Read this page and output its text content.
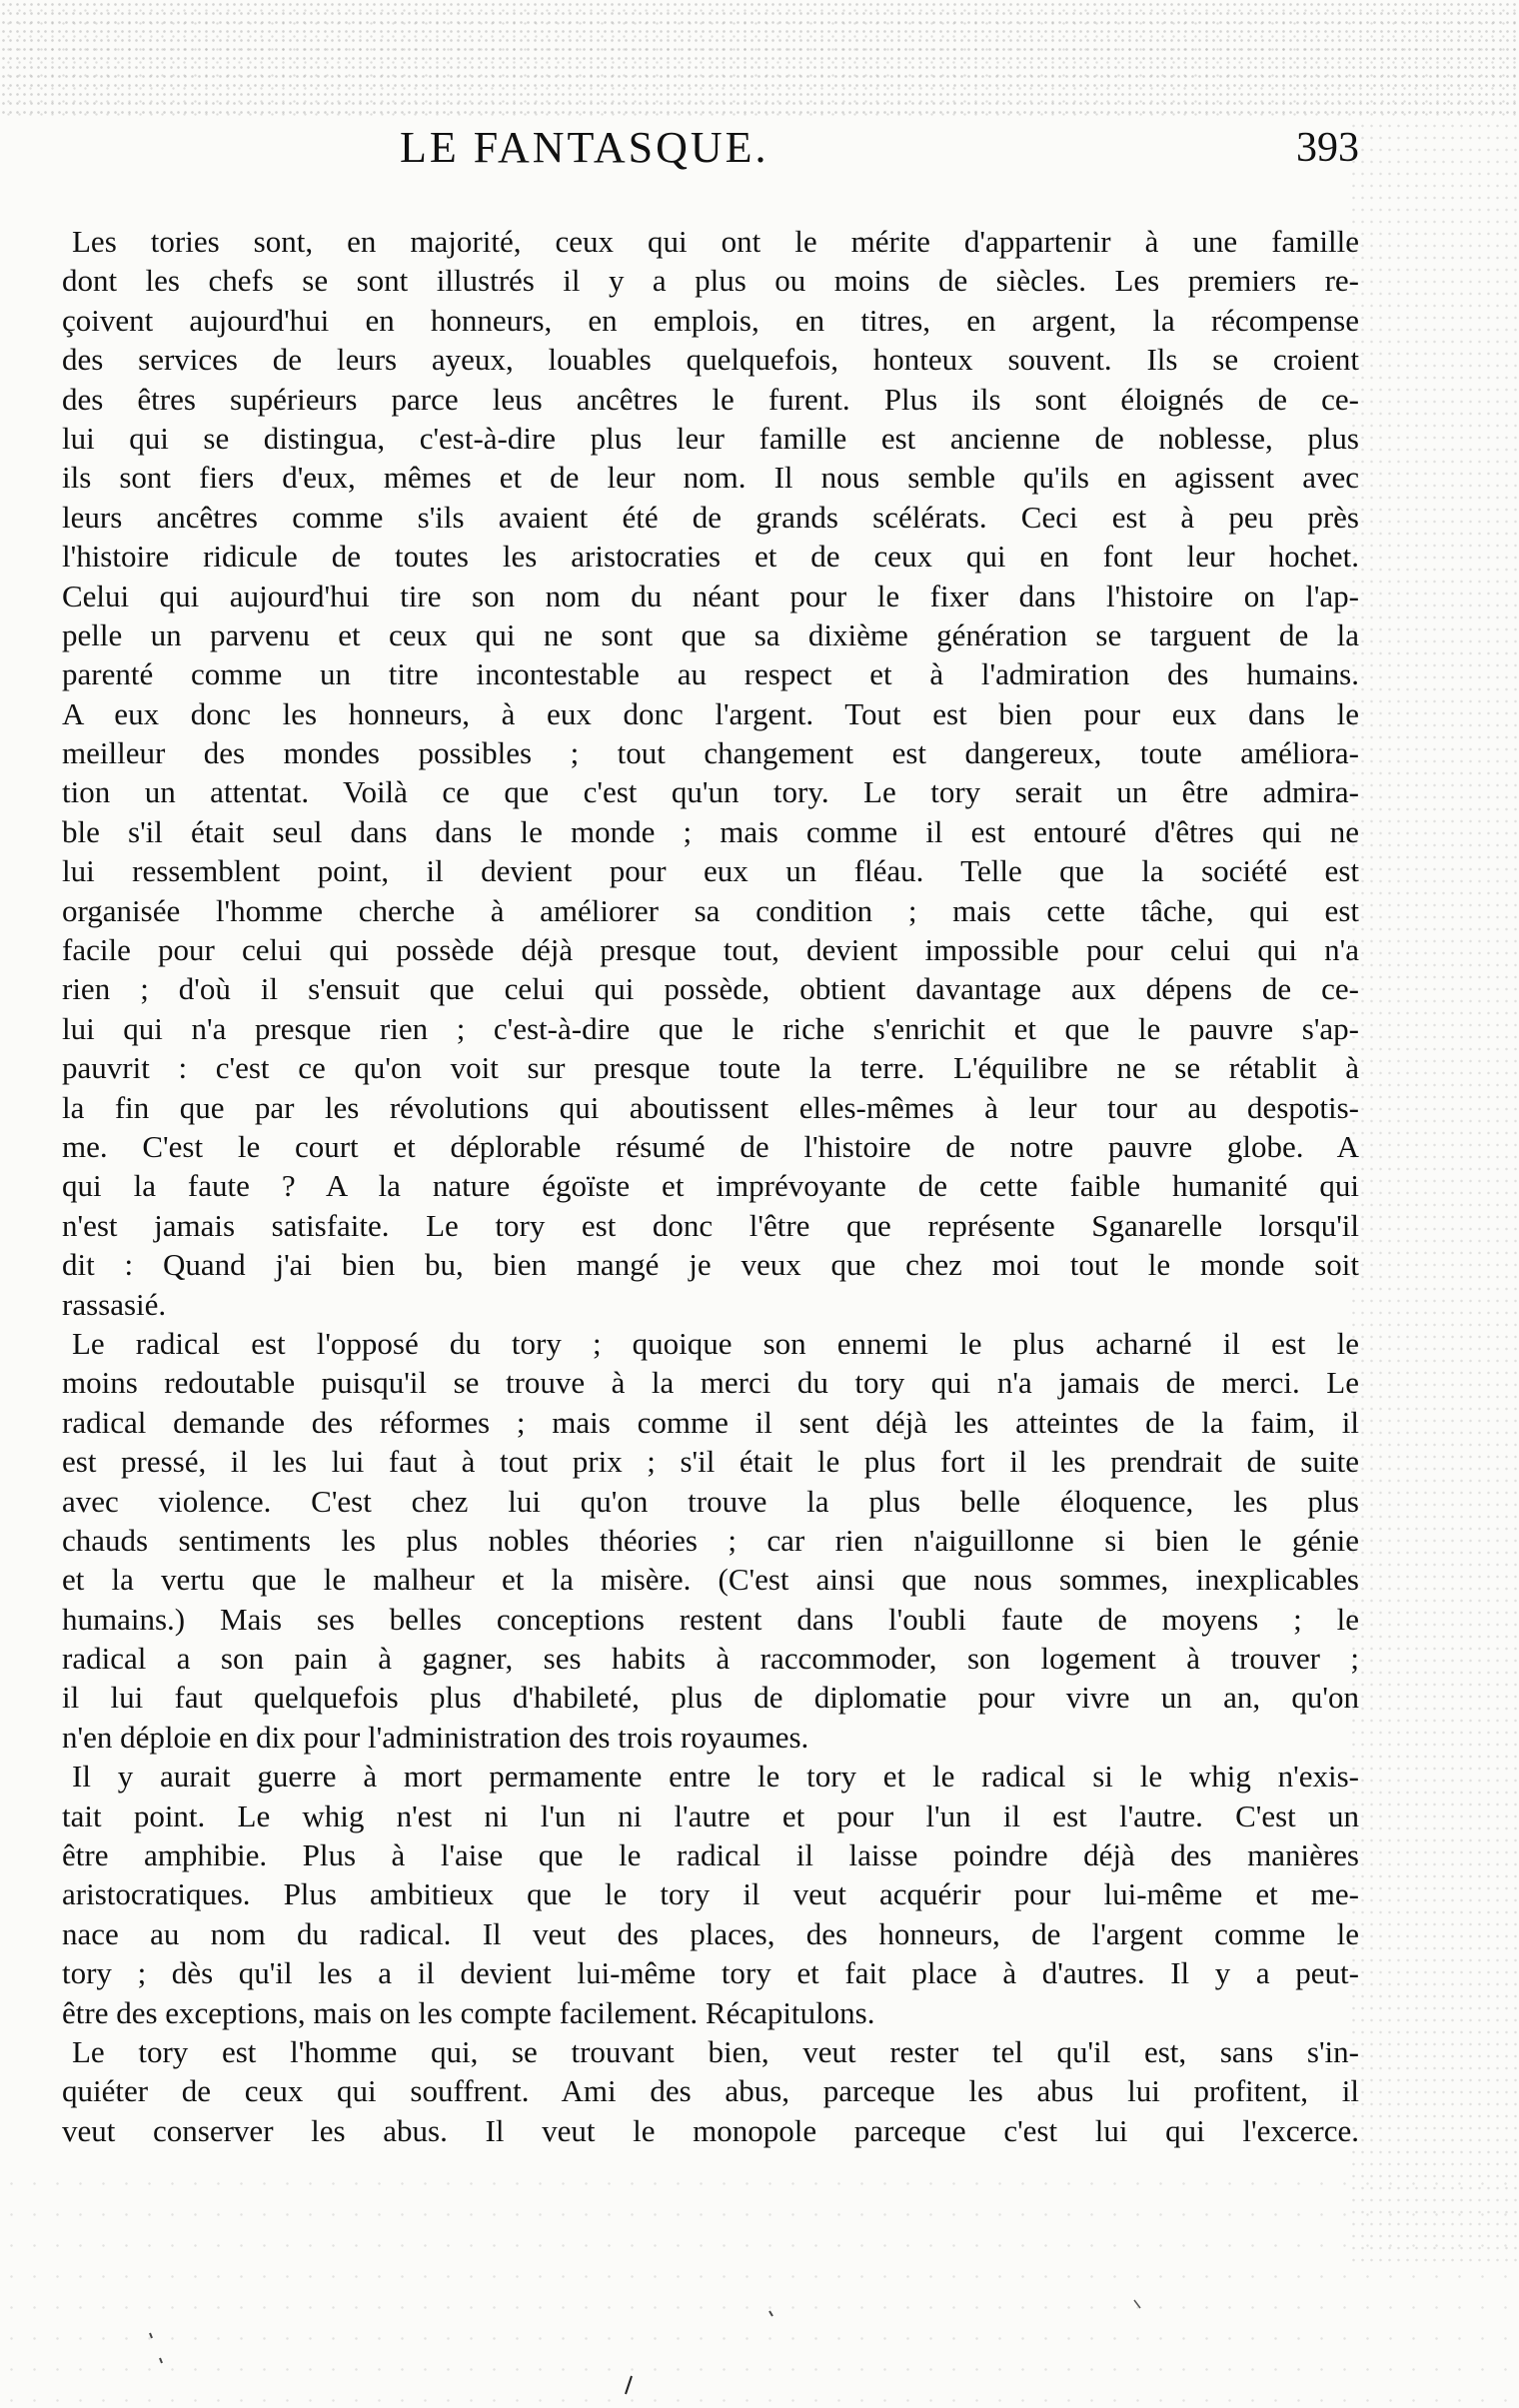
LE FANTASQUE.	393
Les tories sont, en majorité, ceux qui ont le mérite d'appartenir à une famille
dont les chefs se sont illustrés il y a plus ou moins de siècles. Les premiers re-
çoivent aujourd'hui en honneurs, en emplois, en titres, en argent, la récompense
des services de leurs ayeux, louables quelquefois, honteux souvent. Ils se croient
des êtres supérieurs parce leus ancêtres le furent. Plus ils sont éloignés de ce-
lui qui se distingua, c'est-à-dire plus leur famille est ancienne de noblesse, plus
ils sont fiers d'eux, mêmes et de leur nom. Il nous semble qu'ils en agissent avec
leurs ancêtres comme s'ils avaient été de grands scélérats. Ceci est à peu près
l'histoire ridicule de toutes les aristocraties et de ceux qui en font leur hochet.
Celui qui aujourd'hui tire son nom du néant pour le fixer dans l'histoire on l'ap-
pelle un parvenu et ceux qui ne sont que sa dixième génération se targuent de la
parenté comme un titre incontestable au respect et à l'admiration des humains.
A eux donc les honneurs, à eux donc l'argent. Tout est bien pour eux dans le
meilleur des mondes possibles ; tout changement est dangereux, toute améliora-
tion un attentat. Voilà ce que c'est qu'un tory. Le tory serait un être admira-
ble s'il était seul dans dans le monde ; mais comme il est entouré d'êtres qui ne
lui ressemblent point, il devient pour eux un fléau. Telle que la société est
organisée l'homme cherche à améliorer sa condition ; mais cette tâche, qui est
facile pour celui qui possède déjà presque tout, devient impossible pour celui qui n'a
rien ; d'où il s'ensuit que celui qui possède, obtient davantage aux dépens de ce-
lui qui n'a presque rien ; c'est-à-dire que le riche s'enrichit et que le pauvre s'ap-
pauvrit : c'est ce qu'on voit sur presque toute la terre. L'équilibre ne se rétablit à
la fin que par les révolutions qui aboutissent elles-mêmes à leur tour au despotis-
me. C'est le court et déplorable résumé de l'histoire de notre pauvre globe. A
qui la faute ? A la nature égoïste et imprévoyante de cette faible humanité qui
n'est jamais satisfaite. Le tory est donc l'être que représente Sganarelle lorsqu'il
dit : Quand j'ai bien bu, bien mangé je veux que chez moi tout le monde soit
rassasié.
Le radical est l'opposé du tory ; quoique son ennemi le plus acharné il est le
moins redoutable puisqu'il se trouve à la merci du tory qui n'a jamais de merci. Le
radical demande des réformes ; mais comme il sent déjà les atteintes de la faim, il
est pressé, il les lui faut à tout prix ; s'il était le plus fort il les prendrait de suite
avec violence. C'est chez lui qu'on trouve la plus belle éloquence, les plus
chauds sentiments les plus nobles théories ; car rien n'aiguillonne si bien le génie
et la vertu que le malheur et la misère. (C'est ainsi que nous sommes, inexplicables
humains.) Mais ses belles conceptions restent dans l'oubli faute de moyens ; le
radical a son pain à gagner, ses habits à raccommoder, son logement à trouver ;
il lui faut quelquefois plus d'habileté, plus de diplomatie pour vivre un an, qu'on
n'en déploie en dix pour l'administration des trois royaumes.
Il y aurait guerre à mort permamente entre le tory et le radical si le whig n'exis-
tait point. Le whig n'est ni l'un ni l'autre et pour l'un il est l'autre. C'est un
être amphibie. Plus à l'aise que le radical il laisse poindre déjà des manières
aristocratiques. Plus ambitieux que le tory il veut acquérir pour lui-même et me-
nace au nom du radical. Il veut des places, des honneurs, de l'argent comme le
tory ; dès qu'il les a il devient lui-même tory et fait place à d'autres. Il y a peut-
être des exceptions, mais on les compte facilement. Récapitulons.
Le tory est l'homme qui, se trouvant bien, veut rester tel qu'il est, sans s'in-
quiéter de ceux qui souffrent. Ami des abus, parceque les abus lui profitent, il
veut conserver les abus. Il veut le monopole parceque c'est lui qui l'excerce.
